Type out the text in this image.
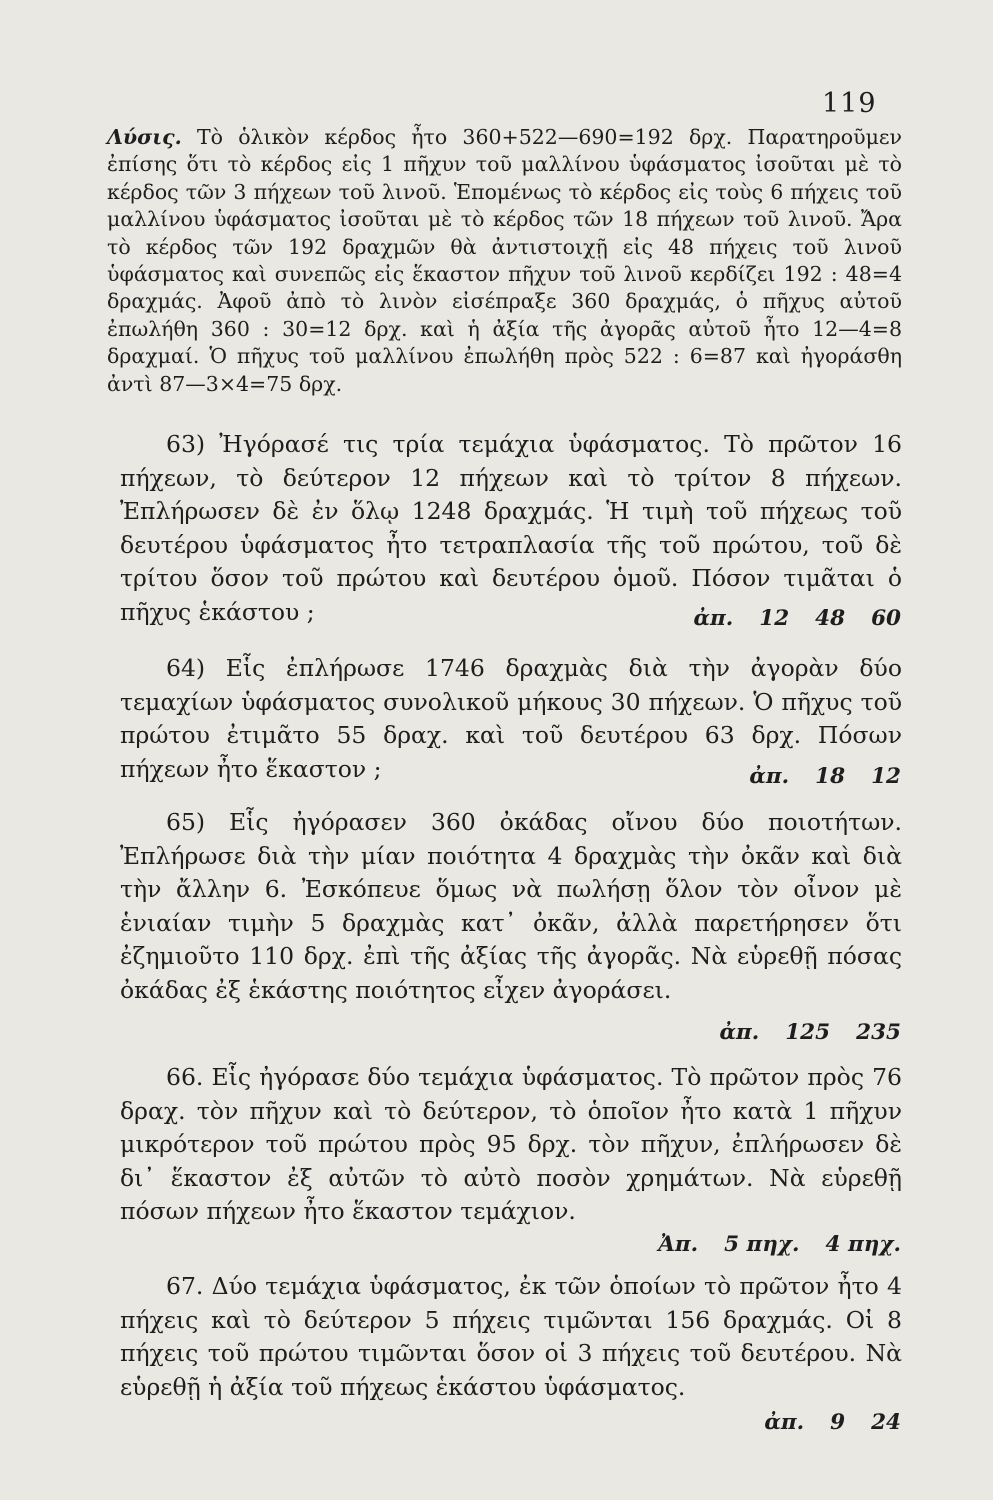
119
Λύσις. Τὸ ὁλικὸν κέρδος ἦτο 360+522—690=192 δρχ. Παρατηροῦμεν ἐπίσης ὅτι τὸ κέρδος εἰς 1 πῆχυν τοῦ μαλλίνου ὑφάσματος ἰσοῦται μὲ τὸ κέρδος τῶν 3 πήχεων τοῦ λινοῦ. Ἑπομένως τὸ κέρδος εἰς τοὺς 6 πήχεις τοῦ μαλλίνου ὑφάσματος ἰσοῦται μὲ τὸ κέρδος τῶν 18 πήχεων τοῦ λινοῦ. Ἄρα τὸ κέρδος τῶν 192 δραχμῶν θὰ ἀντιστοιχῇ εἰς 48 πήχεις τοῦ λινοῦ ὑφάσματος καὶ συνεπῶς εἰς ἕκαστον πῆχυν τοῦ λινοῦ κερδίζει 192 : 48=4 δραχμάς. Ἀφοῦ ἀπὸ τὸ λινὸν εἰσέπραξε 360 δραχμάς, ὁ πῆχυς αὐτοῦ ἐπωλήθη 360 : 30=12 δρχ. καὶ ἡ ἀξία τῆς ἀγορᾶς αὐτοῦ ἦτο 12—4=8 δραχμαί. Ὁ πῆχυς τοῦ μαλλίνου ἐπωλήθη πρὸς 522 : 6=87 καὶ ἠγοράσθη ἀντὶ 87—3×4=75 δρχ.
63) Ἠγόρασέ τις τρία τεμάχια ὑφάσματος. Τὸ πρῶτον 16 πήχεων, τὸ δεύτερον 12 πήχεων καὶ τὸ τρίτον 8 πήχεων. Ἐπλήρωσεν δὲ ἐν ὅλῳ 1248 δραχμάς. Ἡ τιμὴ τοῦ πήχεως τοῦ δευτέρου ὑφάσματος ἦτο τετραπλασία τῆς τοῦ πρώτου, τοῦ δὲ τρίτου ὅσον τοῦ πρώτου καὶ δευτέρου ὁμοῦ. Πόσον τιμᾶται ὁ πῆχυς ἑκάστου ;	ἀπ. 12 48 60
64) Εἷς ἐπλήρωσε 1746 δραχμὰς διὰ τὴν ἀγορὰν δύο τεμαχίων ὑφάσματος συνολικοῦ μήκους 30 πήχεων. Ὁ πῆχυς τοῦ πρώτου ἐτιμᾶτο 55 δραχ. καὶ τοῦ δευτέρου 63 δρχ. Πόσων πήχεων ἦτο ἕκαστον ;	ἀπ. 18 12
65) Εἷς ἠγόρασεν 360 ὀκάδας οἴνου δύο ποιοτήτων. Ἐπλήρωσε διὰ τὴν μίαν ποιότητα 4 δραχμὰς τὴν ὀκᾶν καὶ διὰ τὴν ἄλλην 6. Ἐσκόπευε ὅμως νὰ πωλήσῃ ὅλον τὸν οἶνον μὲ ἑνιαίαν τιμὴν 5 δραχμὰς κατ᾽ ὀκᾶν, ἀλλὰ παρετήρησεν ὅτι ἐζημιοῦτο 110 δρχ. ἐπὶ τῆς ἀξίας τῆς ἀγορᾶς. Νὰ εὑρεθῇ πόσας ὀκάδας ἐξ ἑκάστης ποιότητος εἶχεν ἀγοράσει.
ἀπ. 125 235
66. Εἷς ἠγόρασε δύο τεμάχια ὑφάσματος. Τὸ πρῶτον πρὸς 76 δραχ. τὸν πῆχυν καὶ τὸ δεύτερον, τὸ ὁποῖον ἦτο κατὰ 1 πῆχυν μικρότερον τοῦ πρώτου πρὸς 95 δρχ. τὸν πῆχυν, ἐπλήρωσεν δὲ δι᾽ ἕκαστον ἐξ αὐτῶν τὸ αὐτὸ ποσὸν χρημάτων. Νὰ εὑρεθῇ πόσων πήχεων ἦτο ἕκαστον τεμάχιον.
Ἀπ. 5 πηχ. 4 πηχ.
67. Δύο τεμάχια ὑφάσματος, ἐκ τῶν ὁποίων τὸ πρῶτον ἦτο 4 πήχεις καὶ τὸ δεύτερον 5 πήχεις τιμῶνται 156 δραχμάς. Οἱ 8 πήχεις τοῦ πρώτου τιμῶνται ὅσον οἱ 3 πήχεις τοῦ δευτέρου. Νὰ εὑρεθῇ ἡ ἀξία τοῦ πήχεως ἑκάστου ὑφάσματος.
ἀπ. 9 24
